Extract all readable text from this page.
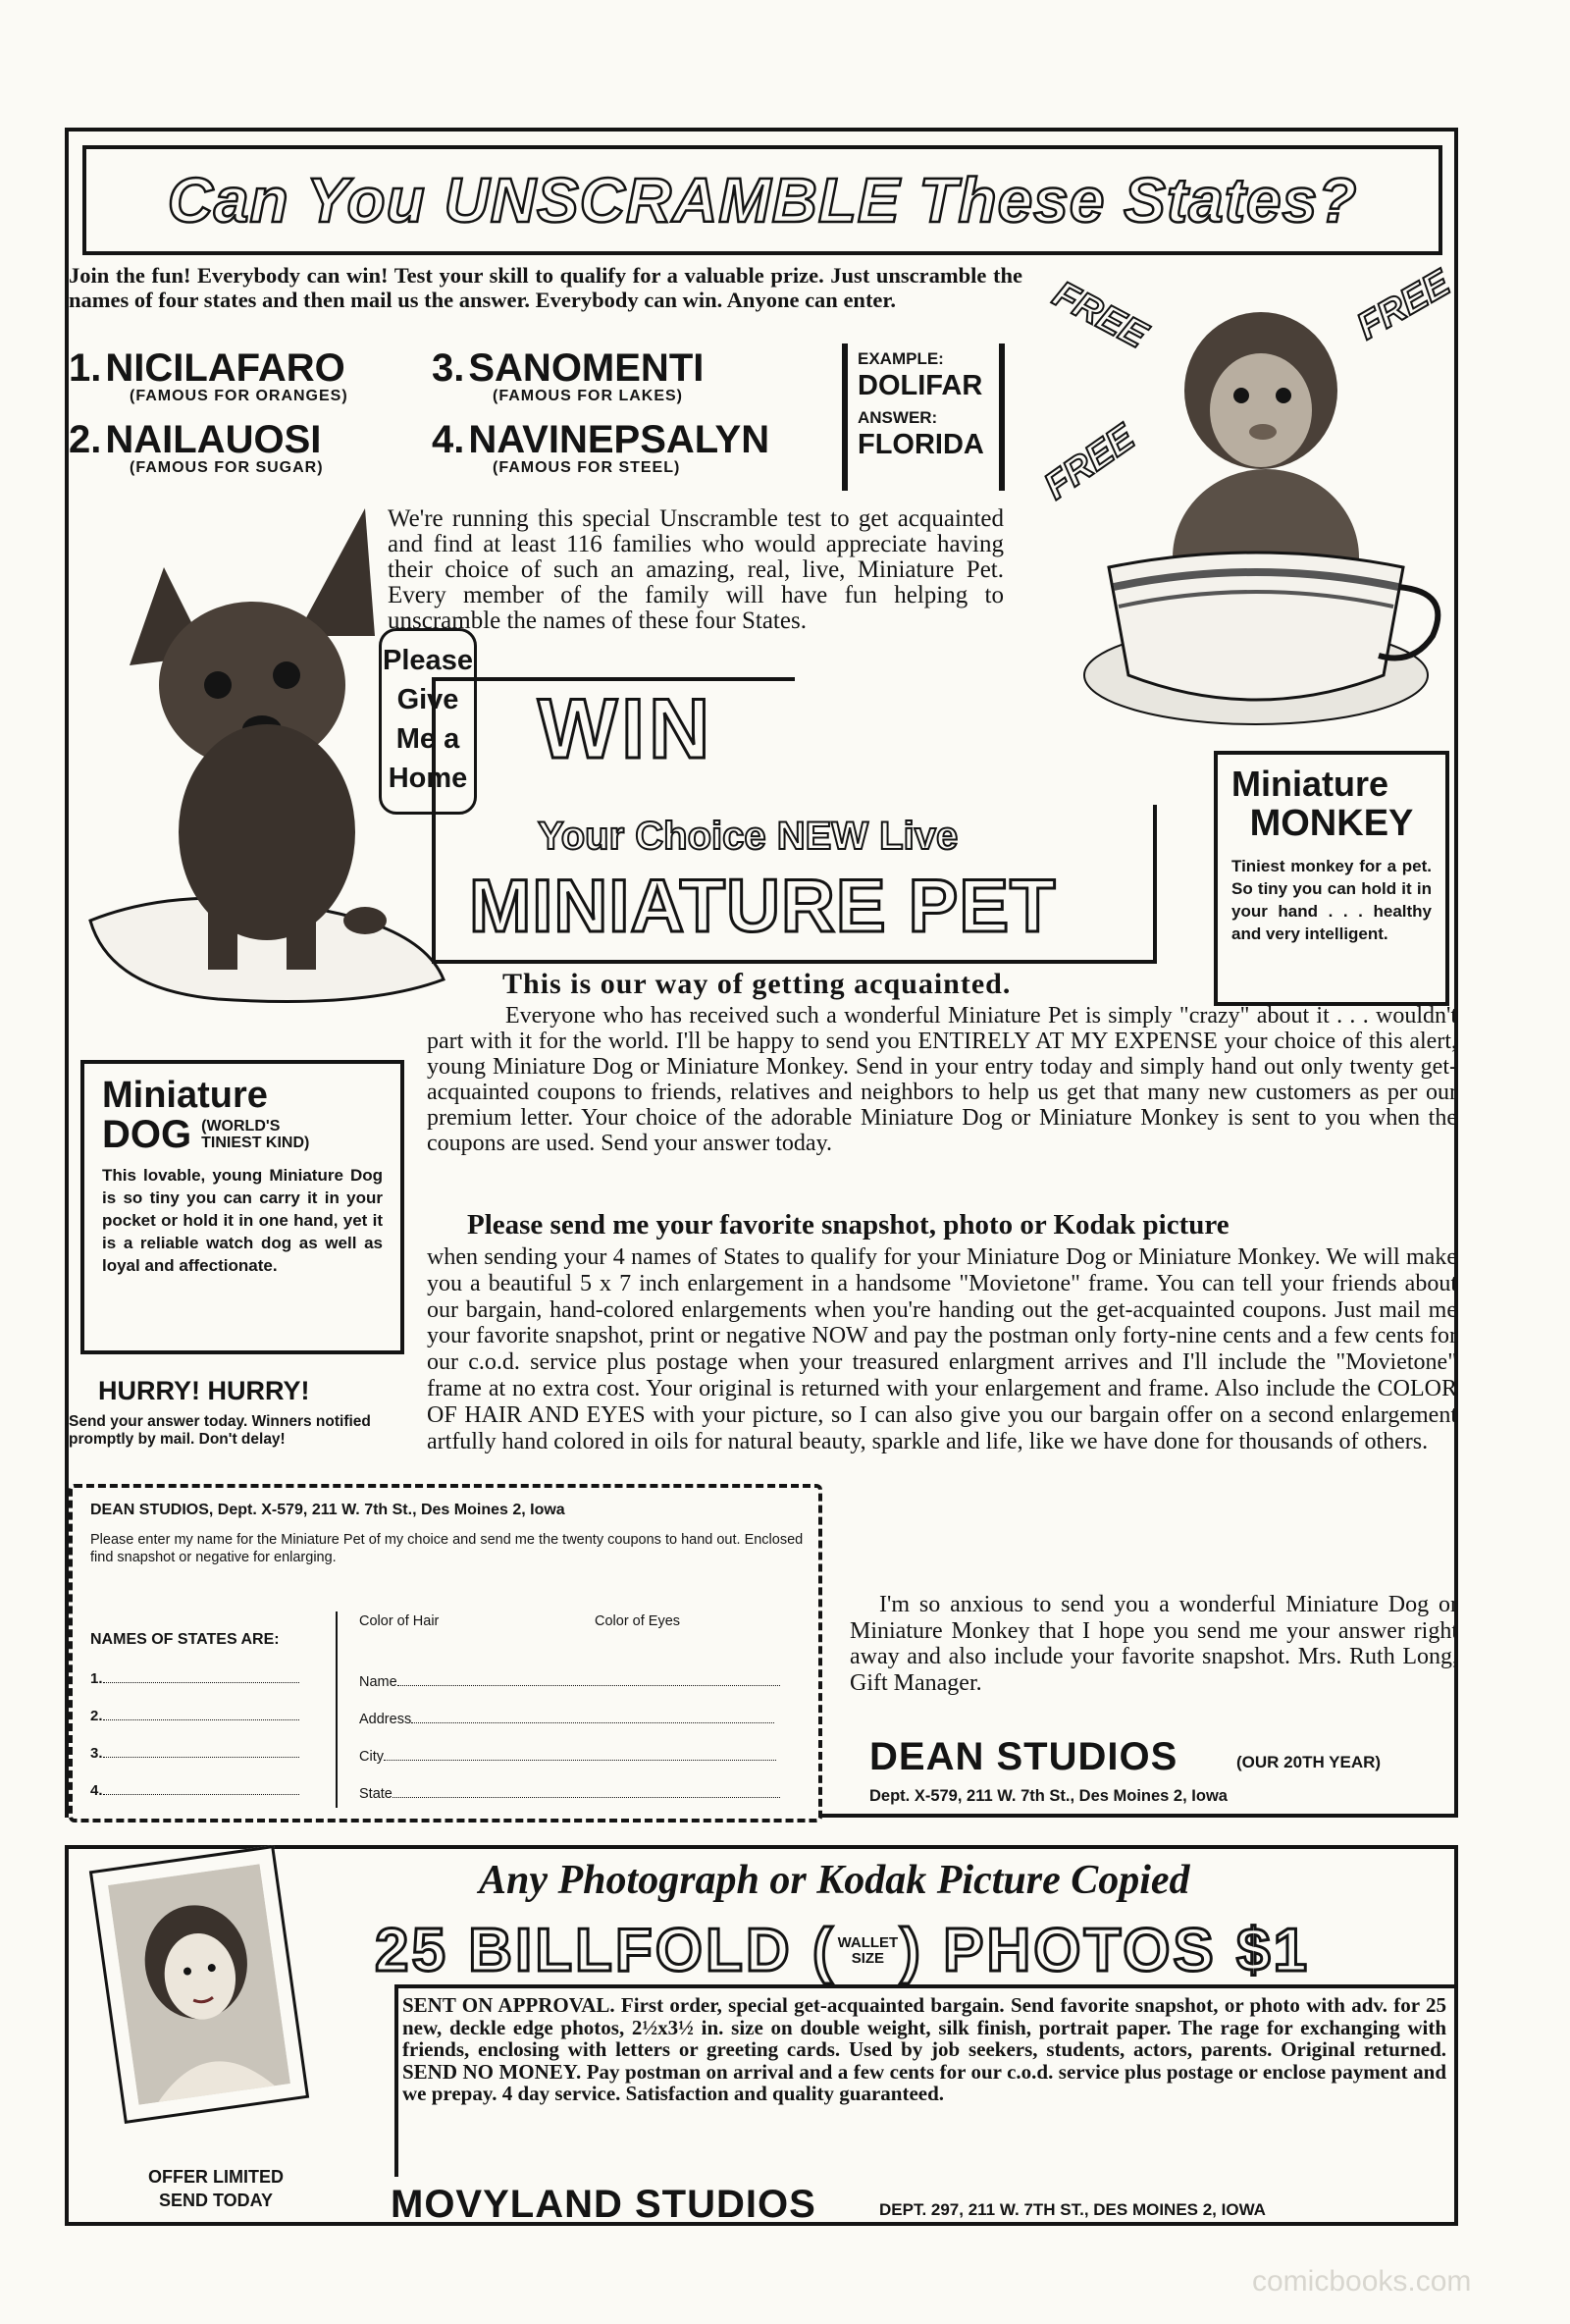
Can You UNSCRAMBLE These States?
Join the fun! Everybody can win! Test your skill to qualify for a valuable prize. Just unscramble the names of four states and then mail us the answer. Everybody can win. Anyone can enter.
1. NICILAFARO
(FAMOUS FOR ORANGES)
2. NAILAUOSI
(FAMOUS FOR SUGAR)
3. SANOMENTI
(FAMOUS FOR LAKES)
4. NAVINEPSALYN
(FAMOUS FOR STEEL)
EXAMPLE:
DOLIFAR
ANSWER:
FLORIDA
FREE	FREE
FREE
Miniature
MONKEY
Tiniest monkey for a pet. So tiny you can hold it in your hand . . . healthy and very intelligent.
Please
Give
Me a
Home
We're running this special Unscramble test to get acquainted and find at least 116 families who would appreciate having their choice of such an amazing, real, live, Miniature Pet. Every member of the family will have fun helping to unscramble the names of these four States.
WIN
Your Choice NEW Live
MINIATURE PET
This is our way of getting acquainted.
Everyone who has received such a wonderful Miniature Pet is simply "crazy" about it . . . wouldn't part with it for the world. I'll be happy to send you ENTIRELY AT MY EXPENSE your choice of this alert, young Miniature Dog or Miniature Monkey. Send in your entry today and simply hand out only twenty get-acquainted coupons to friends, relatives and neighbors to help us get that many new customers as per our premium letter. Your choice of the adorable Miniature Dog or Miniature Monkey is sent to you when the coupons are used. Send your answer today.
Miniature
DOG (WORLD'S TINIEST KIND)
This lovable, young Miniature Dog is so tiny you can carry it in your pocket or hold it in one hand, yet it is a reliable watch dog as well as loyal and affectionate.
Please send me your favorite snapshot, photo or Kodak picture
when sending your 4 names of States to qualify for your Miniature Dog or Miniature Monkey. We will make you a beautiful 5 x 7 inch enlargement in a handsome "Movietone" frame. You can tell your friends about our bargain, hand-colored enlargements when you're handing out the get-acquainted coupons. Just mail me your favorite snapshot, print or negative NOW and pay the postman only forty-nine cents and a few cents for our c.o.d. service plus postage when your treasured enlargment arrives and I'll include the "Movietone" frame at no extra cost. Your original is returned with your enlargement and frame. Also include the COLOR OF HAIR AND EYES with your picture, so I can also give you our bargain offer on a second enlargement artfully hand colored in oils for natural beauty, sparkle and life, like we have done for thousands of others.
HURRY! HURRY!
Send your answer today. Winners notified promptly by mail. Don't delay!
DEAN STUDIOS, Dept. X-579, 211 W. 7th St., Des Moines 2, Iowa
Please enter my name for the Miniature Pet of my choice and send me the twenty coupons to hand out. Enclosed find snapshot or negative for enlarging.
NAMES OF STATES ARE:
1.
2.
3.
4.
Color of Hair	Color of Eyes
Name
Address
City
State
I'm so anxious to send you a wonderful Miniature Dog or Miniature Monkey that I hope you send me your answer right away and also include your favorite snapshot. Mrs. Ruth Long, Gift Manager.
DEAN STUDIOS	(OUR 20TH YEAR)
Dept. X-579, 211 W. 7th St., Des Moines 2, Iowa
Any Photograph or Kodak Picture Copied
25 BILLFOLD ( WALLET
SIZE ) PHOTOS $1
SENT ON APPROVAL. First order, special get-acquainted bargain. Send favorite snapshot, or photo with adv. for 25 new, deckle edge photos, 2½x3½ in. size on double weight, silk finish, portrait paper. The rage for exchanging with friends, enclosing with letters or greeting cards. Used by job seekers, students, actors, parents. Original returned. SEND NO MONEY. Pay postman on arrival and a few cents for our c.o.d. service plus postage or enclose payment and we prepay. 4 day service. Satisfaction and quality guaranteed.
OFFER LIMITED
SEND TODAY	MOVYLAND STUDIOS	DEPT. 297, 211 W. 7TH ST., DES MOINES 2, IOWA
comicbooks.com
